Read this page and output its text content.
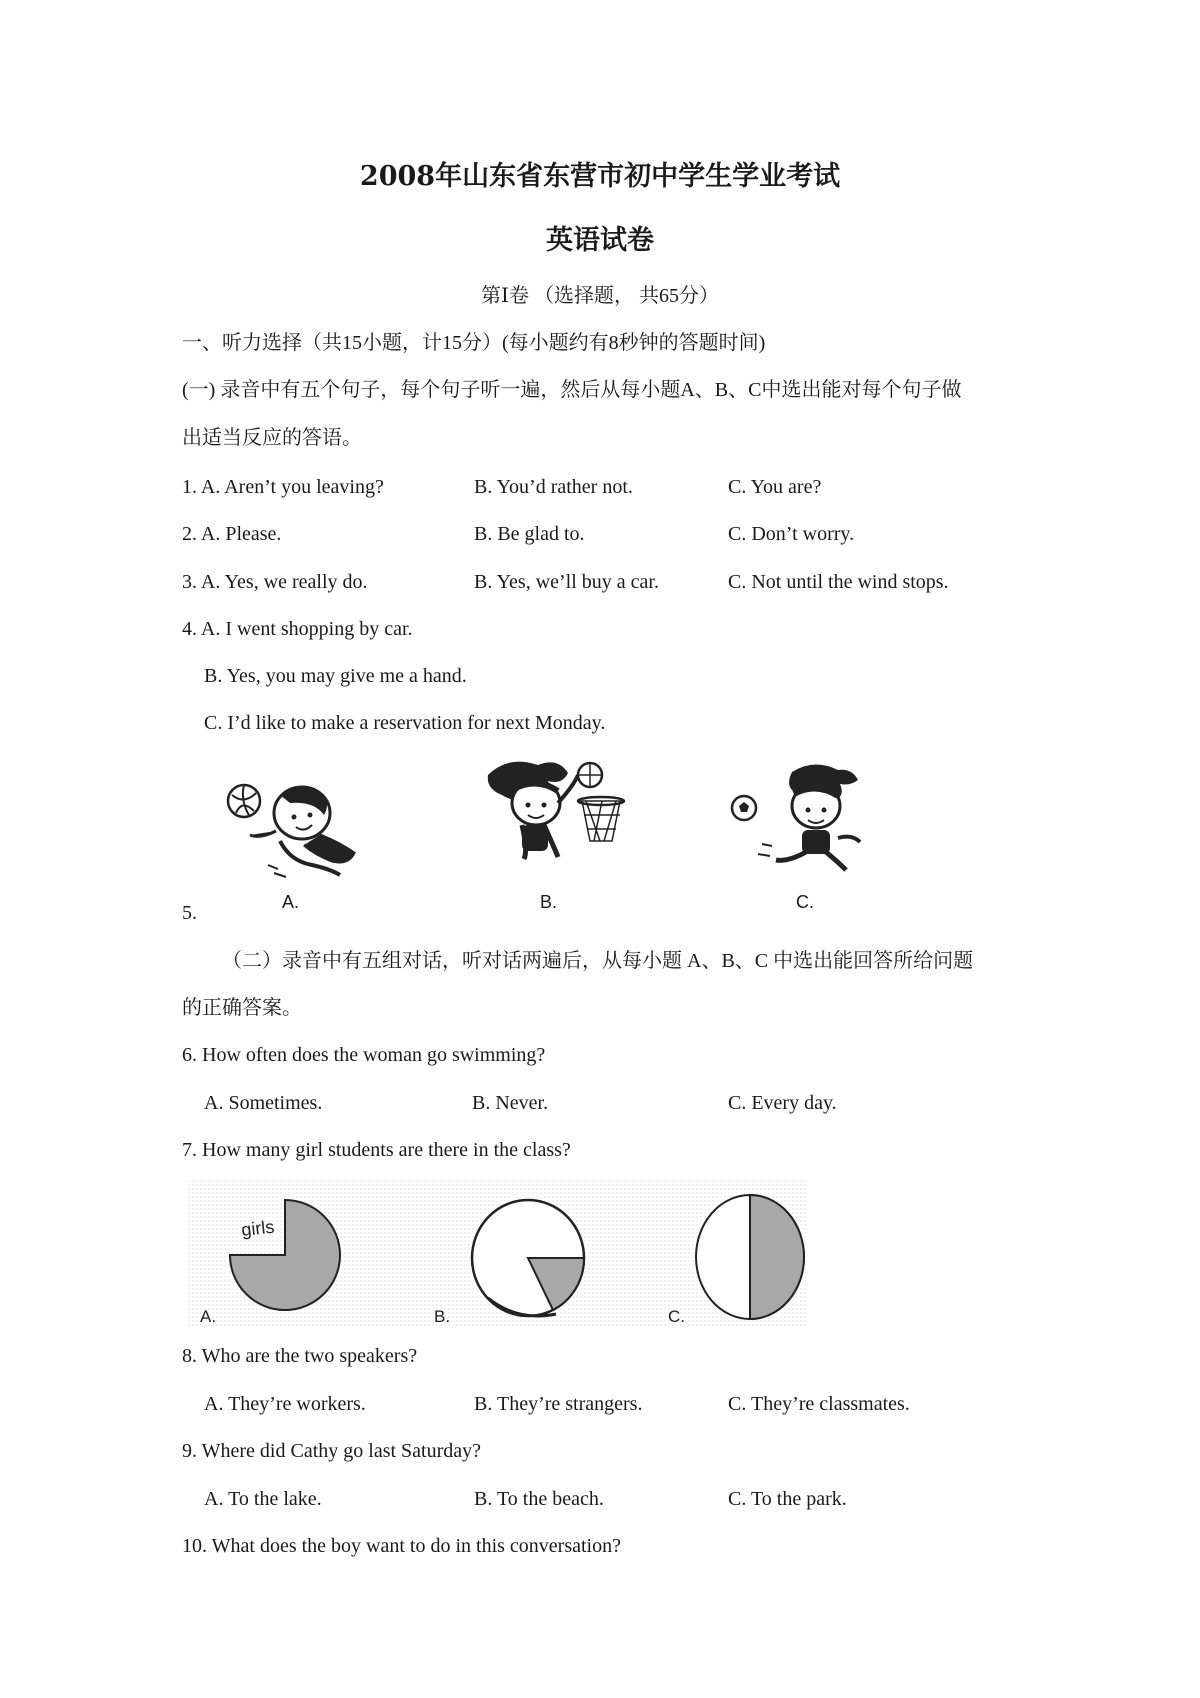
2008年山东省东营市初中学生学业考试
英语试卷
第Ⅰ卷 （选择题， 共65分）
一、听力选择（共15小题，计15分）(每小题约有8秒钟的答题时间)
(一) 录音中有五个句子，每个句子听一遍，然后从每小题A、B、C中选出能对每个句子做
出适当反应的答语。
1. A. Aren’t you leaving?	B. You’d rather not.	C. You are?
2. A. Please.	B. Be glad to.	C. Don’t worry.
3. A. Yes, we really do.	B. Yes, we’ll buy a car.	C. Not until the wind stops.
4. A. I went shopping by car.
B. Yes, you may give me a hand.
C. I’d like to make a reservation for next Monday.
5.	A.	B.	C.
（二）录音中有五组对话，听对话两遍后，从每小题 A、B、C 中选出能回答所给问题
的正确答案。
6. How often does the woman go swimming?
A. Sometimes.	B. Never.	C. Every day.
7. How many girl students are there in the class?
girls
A.	B.	C.
8. Who are the two speakers?
A. They’re workers.	B. They’re strangers.	C. They’re classmates.
9. Where did Cathy go last Saturday?
A. To the lake.	B. To the beach.	C. To the park.
10. What does the boy want to do in this conversation?
